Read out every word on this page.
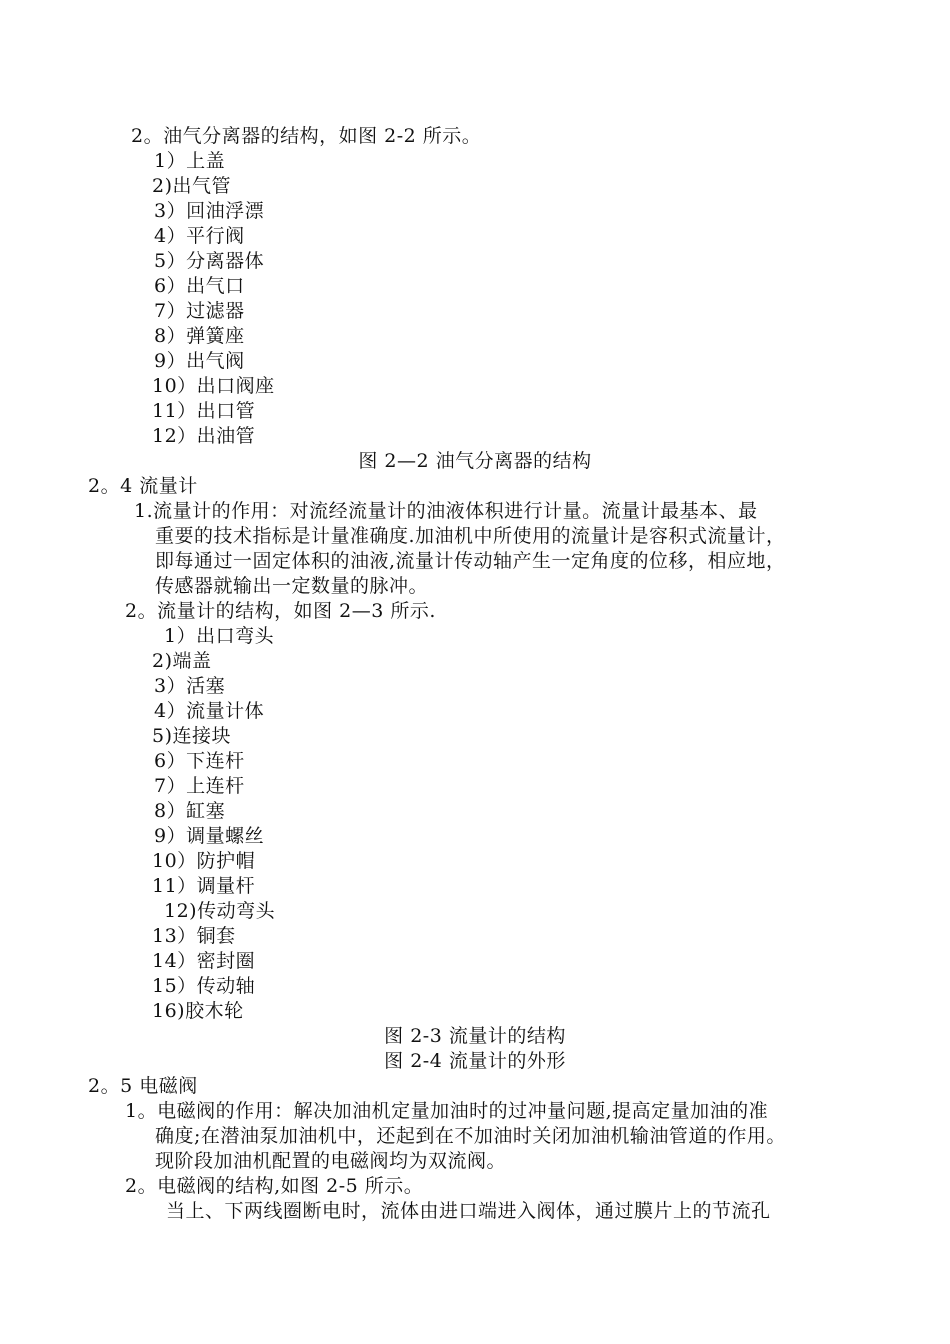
2。油气分离器的结构，如图 2-2 所示。
1）上盖
2)出气管
3）回油浮漂
4）平行阀
5）分离器体
6）出气口
7）过滤器
8）弹簧座
9）出气阀
10）出口阀座
11）出口管
12）出油管
图 2—2 油气分离器的结构
2。4 流量计
1.流量计的作用：对流经流量计的油液体积进行计量。流量计最基本、最
重要的技术指标是计量准确度.加油机中所使用的流量计是容积式流量计，
即每通过一固定体积的油液,流量计传动轴产生一定角度的位移，相应地，
传感器就输出一定数量的脉冲。
2。流量计的结构，如图 2—3 所示.
1）出口弯头
2)端盖
3）活塞
4）流量计体
5)连接块
6）下连杆
7）上连杆
8）缸塞
9）调量螺丝
10）防护帽
11）调量杆
12)传动弯头
13）铜套
14）密封圈
15）传动轴
16)胶木轮
图 2-3 流量计的结构
图 2-4 流量计的外形
2。5 电磁阀
1。电磁阀的作用：解决加油机定量加油时的过冲量问题,提高定量加油的准
确度;在潜油泵加油机中，还起到在不加油时关闭加油机输油管道的作用。
现阶段加油机配置的电磁阀均为双流阀。
2。电磁阀的结构,如图 2-5 所示。
当上、下两线圈断电时，流体由进口端进入阀体，通过膜片上的节流孔
